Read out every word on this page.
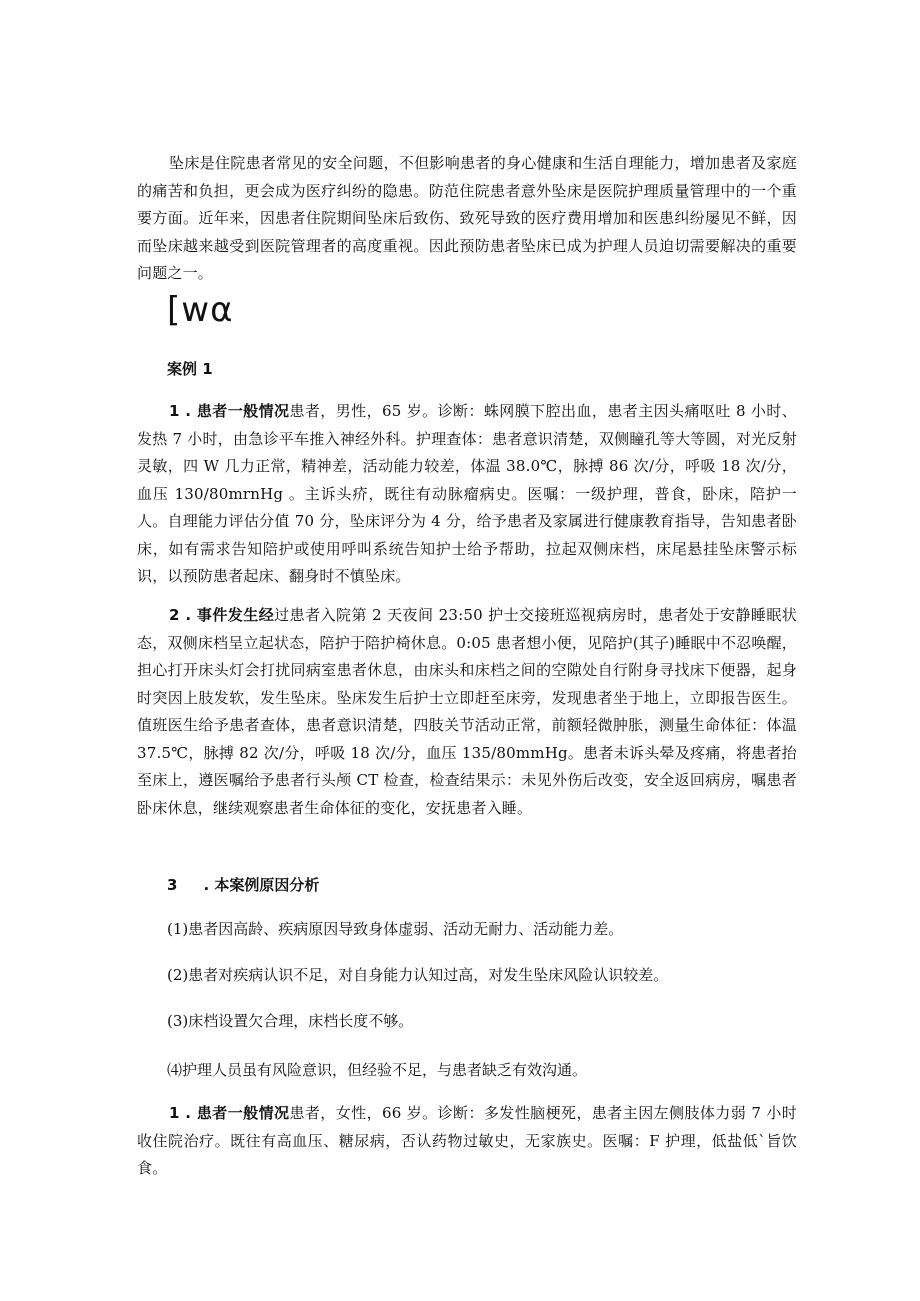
坠床是住院患者常见的安全问题，不但影响患者的身心健康和生活自理能力，增加患者及家庭的痛苦和负担，更会成为医疗纠纷的隐患。防范住院患者意外坠床是医院护理质量管理中的一个重要方面。近年来，因患者住院期间坠床后致伤、致死导致的医疗费用增加和医患纠纷屡见不鲜，因而坠床越来越受到医院管理者的高度重视。因此预防患者坠床已成为护理人员迫切需要解决的重要问题之一。

[wα

案例 1

1 . 患者一般情况患者，男性，65 岁。诊断：蛛网膜下腔出血，患者主因头痛呕吐 8 小时、发热 7 小时，由急诊平车推入神经外科。护理查体：患者意识清楚，双侧瞳孔等大等圆，对光反射灵敏，四 W 几力正常，精神差，活动能力较差，体温 38.0℃，脉搏 86 次/分，呼吸 18 次/分，血压 130/80mrnHg 。主诉头疥，既往有动脉瘤病史。医嘱：一级护理，普食，卧床，陪护一人。自理能力评估分值 70 分，坠床评分为 4 分，给予患者及家属进行健康教育指导，告知患者卧床，如有需求告知陪护或使用呼叫系统告知护士给予帮助，拉起双侧床档，床尾悬挂坠床警示标识，以预防患者起床、翻身时不慎坠床。

2 . 事件发生经过患者入院第 2 天夜间 23:50 护士交接班巡视病房时，患者处于安静睡眠状态，双侧床档呈立起状态，陪护于陪护椅休息。0:05 患者想小便，见陪护(其子)睡眠中不忍唤醒，担心打开床头灯会打扰同病室患者休息，由床头和床档之间的空隙处自行附身寻找床下便器，起身时突因上肢发软，发生坠床。坠床发生后护士立即赶至床旁，发现患者坐于地上，立即报告医生。值班医生给予患者查体，患者意识清楚，四肢关节活动正常，前额轻微肿胀，测量生命体征：体温 37.5℃，脉搏 82 次/分，呼吸 18 次/分，血压 135/80mmHg。患者未诉头晕及疼痛，将患者抬至床上，遵医嘱给予患者行头颅 CT 检查，检查结果示：未见外伤后改变，安全返回病房，嘱患者卧床休息，继续观察患者生命体征的变化，安抚患者入睡。

3 . 本案例原因分析

(1)患者因高龄、疾病原因导致身体虚弱、活动无耐力、活动能力差。

(2)患者对疾病认识不足，对自身能力认知过高，对发生坠床风险认识较差。

(3)床档设置欠合理，床档长度不够。

⑷护理人员虽有风险意识，但经验不足，与患者缺乏有效沟通。

1 . 患者一般情况患者，女性，66 岁。诊断：多发性脑梗死，患者主因左侧肢体力弱 7 小时收住院治疗。既往有高血压、糖尿病，否认药物过敏史，无家族史。医嘱：F 护理，低盐低`旨饮食。
